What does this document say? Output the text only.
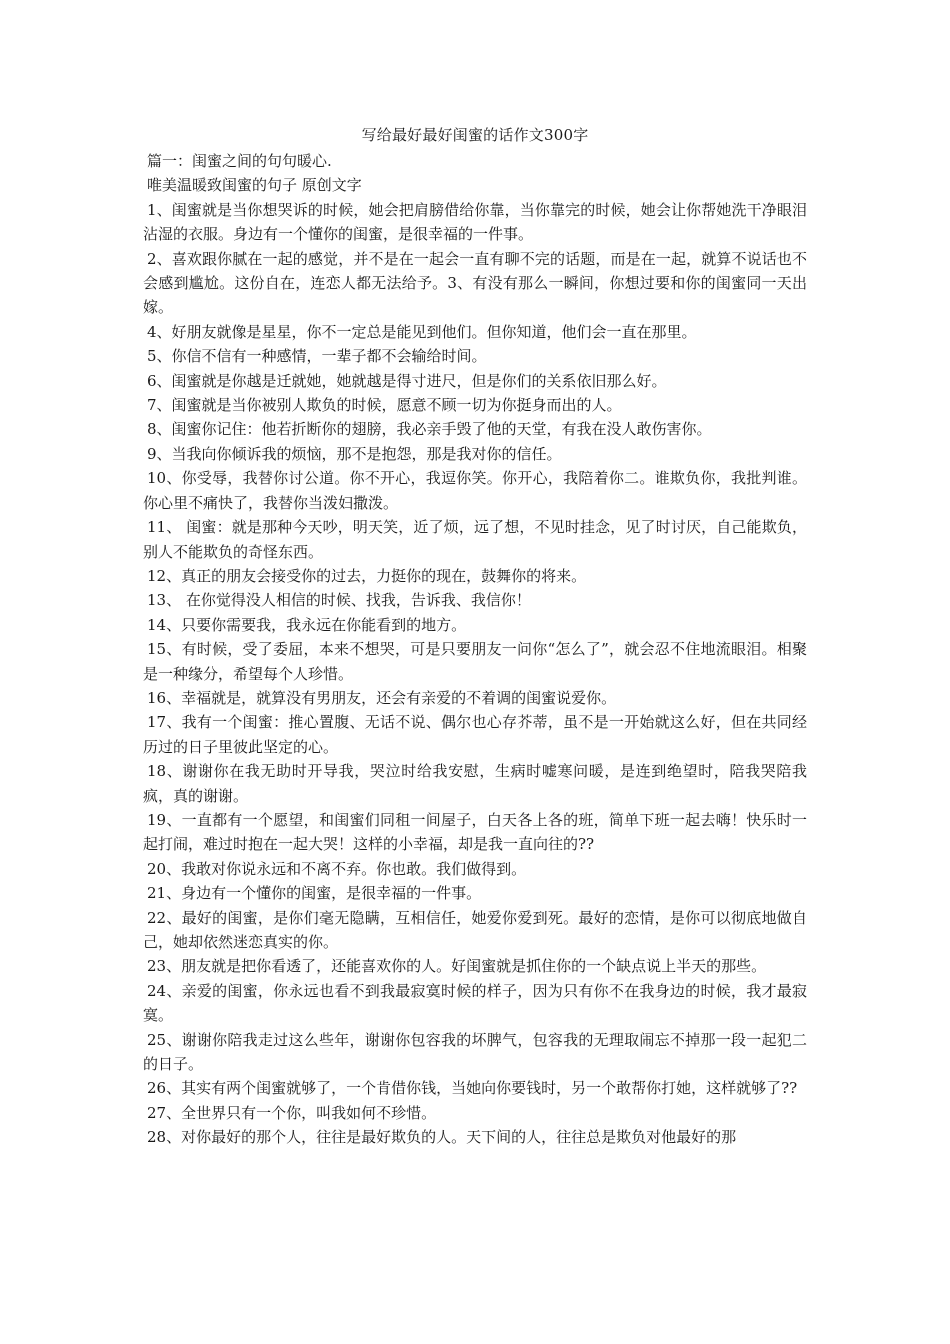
写给最好最好闺蜜的话作文300字

篇一：闺蜜之间的句句暖心.

唯美温暖致闺蜜的句子 原创文字

1、闺蜜就是当你想哭诉的时候，她会把肩膀借给你靠，当你靠完的时候，她会让你帮她洗干净眼泪沾湿的衣服。身边有一个懂你的闺蜜，是很幸福的一件事。

2、喜欢跟你腻在一起的感觉，并不是在一起会一直有聊不完的话题，而是在一起，就算不说话也不会感到尴尬。这份自在，连恋人都无法给予。3、有没有那么一瞬间，你想过要和你的闺蜜同一天出嫁。

4、好朋友就像是星星，你不一定总是能见到他们。但你知道，他们会一直在那里。

5、你信不信有一种感情，一辈子都不会输给时间。

6、闺蜜就是你越是迁就她，她就越是得寸进尺，但是你们的关系依旧那么好。

7、闺蜜就是当你被别人欺负的时候，愿意不顾一切为你挺身而出的人。

8、闺蜜你记住：他若折断你的翅膀，我必亲手毁了他的天堂，有我在没人敢伤害你。

9、当我向你倾诉我的烦恼，那不是抱怨，那是我对你的信任。

10、你受辱，我替你讨公道。你不开心，我逗你笑。你开心，我陪着你二。谁欺负你，我批判谁。你心里不痛快了，我替你当泼妇撒泼。

11、 闺蜜：就是那种今天吵，明天笑，近了烦，远了想，不见时挂念，见了时讨厌，自己能欺负，别人不能欺负的奇怪东西。

12、真正的朋友会接受你的过去，力挺你的现在，鼓舞你的将来。

13、 在你觉得没人相信的时候、找我，告诉我、我信你！

14、只要你需要我，我永远在你能看到的地方。

15、有时候，受了委屈，本来不想哭，可是只要朋友一问你“怎么了”，就会忍不住地流眼泪。相聚是一种缘分，希望每个人珍惜。

16、幸福就是，就算没有男朋友，还会有亲爱的不着调的闺蜜说爱你。

17、我有一个闺蜜：推心置腹、无话不说、偶尔也心存芥蒂，虽不是一开始就这么好，但在共同经历过的日子里彼此坚定的心。

18、谢谢你在我无助时开导我，哭泣时给我安慰，生病时嘘寒问暖，是连到绝望时，陪我哭陪我疯，真的谢谢。

19、一直都有一个愿望，和闺蜜们同租一间屋子，白天各上各的班，简单下班一起去嗨！快乐时一起打闹，难过时抱在一起大哭！这样的小幸福，却是我一直向往的??

20、我敢对你说永远和不离不弃。你也敢。我们做得到。

21、身边有一个懂你的闺蜜，是很幸福的一件事。

22、最好的闺蜜，是你们毫无隐瞒，互相信任，她爱你爱到死。最好的恋情，是你可以彻底地做自己，她却依然迷恋真实的你。

23、朋友就是把你看透了，还能喜欢你的人。好闺蜜就是抓住你的一个缺点说上半天的那些。

24、亲爱的闺蜜，你永远也看不到我最寂寞时候的样子，因为只有你不在我身边的时候，我才最寂寞。

25、谢谢你陪我走过这么些年，谢谢你包容我的坏脾气，包容我的无理取闹忘不掉那一段一起犯二的日子。

26、其实有两个闺蜜就够了，一个肯借你钱，当她向你要钱时，另一个敢帮你打她，这样就够了??

27、全世界只有一个你，叫我如何不珍惜。

28、对你最好的那个人，往往是最好欺负的人。天下间的人，往往总是欺负对他最好的那
